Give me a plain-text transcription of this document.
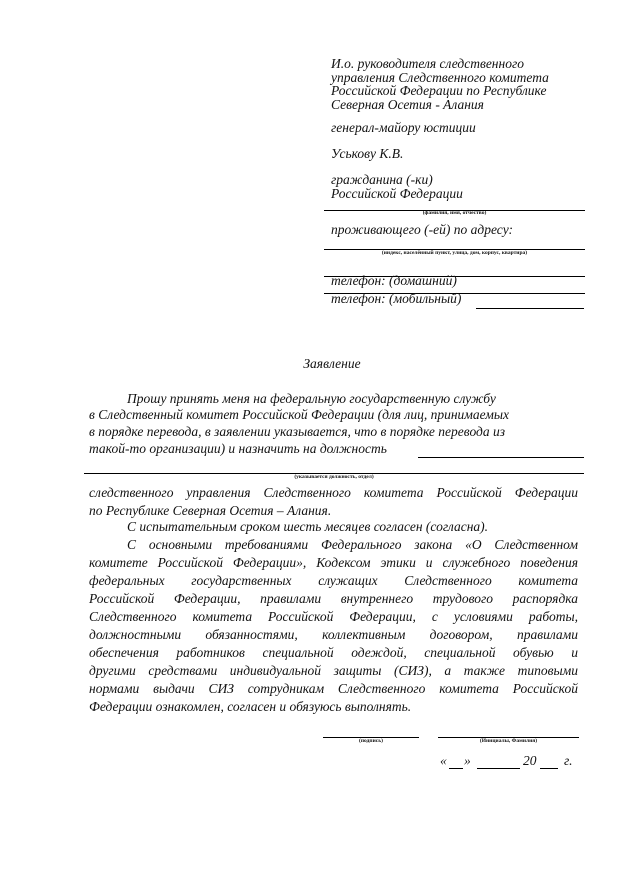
И.о. руководителя следственного
управления Следственного комитета
Российской Федерации по Республике
Северная Осетия - Алания
генерал-майору юстиции
Уськову К.В.
гражданина (-ки)
Российской Федерации
(фамилия, имя, отчество)
проживающего (-ей) по адресу:
(индекс, населённый пункт, улица, дом, корпус, квартира)
телефон: (домашний)
телефон: (мобильный)
Заявление
Прошу принять меня на федеральную государственную службу
в Следственный комитет Российской Федерации (для лиц, принимаемых
в порядке перевода, в заявлении указывается, что в порядке перевода из
такой-то организации) и назначить на должность
(указывается должность, отдел)
следственного управления Следственного комитета Российской Федерации
по Республике Северная Осетия – Алания.
С испытательным сроком шесть месяцев согласен (согласна).
С основными требованиями Федерального закона «О Следственном
комитете Российской Федерации», Кодексом этики и служебного поведения
федеральных государственных служащих Следственного комитета
Российской Федерации, правилами внутреннего трудового распорядка
Следственного комитета Российской Федерации, с условиями работы,
должностными обязанностями, коллективным договором, правилами
обеспечения работников специальной одеждой, специальной обувью и
другими средствами индивидуальной защиты (СИЗ), а также типовыми
нормами выдачи СИЗ сотрудникам Следственного комитета Российской
Федерации ознакомлен, согласен и обязуюсь выполнять.
(подпись)	(Инициалы, Фамилия)
« »	20 г.
